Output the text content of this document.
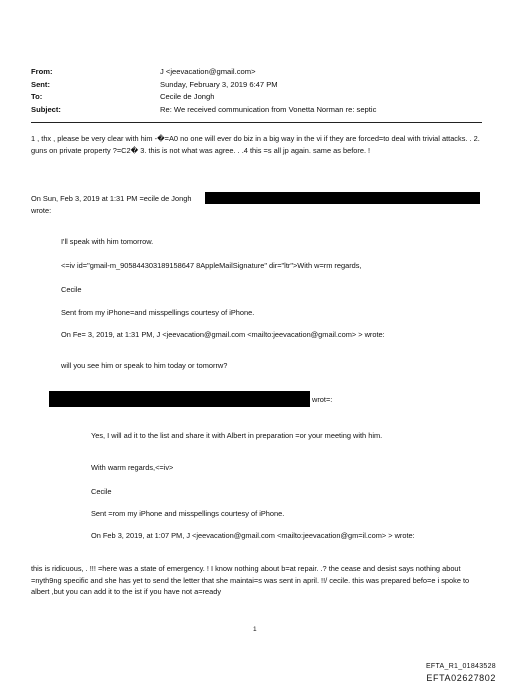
From:	J <jeevacation@gmail.com>
Sent:	Sunday, February 3, 2019 6:47 PM
To:	Cecile de Jongh
Subject:	Re: We received communication from Vonetta Norman re: septic
1 , thx , please be very clear with him -�=A0 no one will ever do biz in a big way in the vi if they are forced=to deal with trivial attacks. . 2. guns on private property ?=C2� 3. this is not what was agree. . .4 this =s all jp again. same as before. !
On Sun, Feb 3, 2019 at 1:31 PM =ecile de Jongh
wrote:
I'll speak with him tomorrow.
<=iv id="gmail-m_905844303189158647 8AppleMailSignature" dir="ltr">With w=rm regards,
Cecile
Sent from my iPhone=and misspellings courtesy of iPhone.
On Fe= 3, 2019, at 1:31 PM, J <jeevacation@gmail.com <mailto:jeevacation@gmail.com> > wrote:
will you see him or speak to him today or tomorrw?
wrot=:
Yes, I will ad it to the list and share it with Albert in preparation =or your meeting with him.
With warm regards,<=iv>
Cecile
Sent =rom my iPhone and misspellings courtesy of iPhone.
On Feb 3, 2019, at 1:07 PM, J <jeevacation@gmail.com <mailto:jeevacation@gm=il.com> > wrote:
this is ridicuous, . !!! =here was a state of emergency. ! I know nothing about b=at repair. .? the cease and desist says nothing about =nyth9ng specific and she has yet to send the letter that she maintai=s was sent in april. !!/ cecile. this was prepared befo=e i spoke to albert ,but you can add it to the ist if you have not a=ready
1
EFTA_R1_01843528
EFTA02627802
